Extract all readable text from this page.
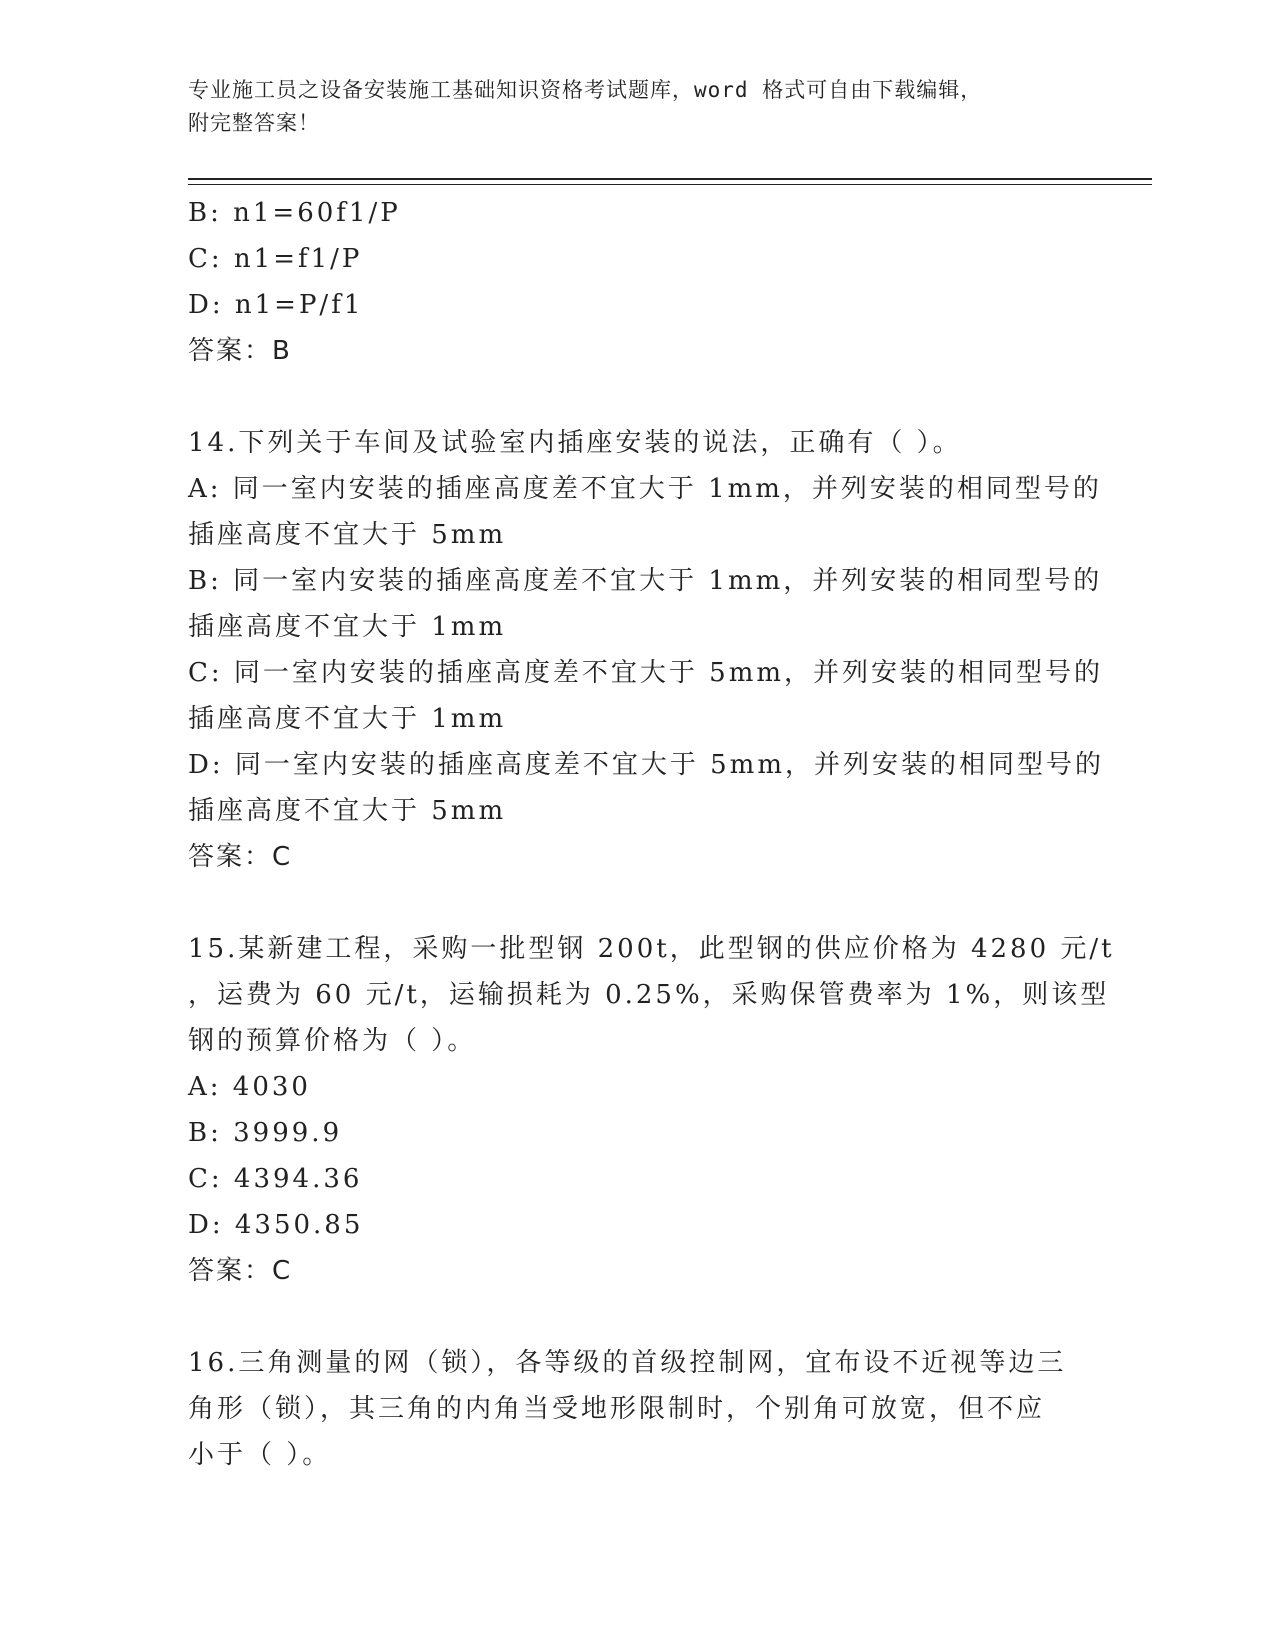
专业施工员之设备安装施工基础知识资格考试题库，word 格式可自由下载编辑，
附完整答案！
B: n1=60f1/P
C: n1=f1/P
D: n1=P/f1
答案：B
14.下列关于车间及试验室内插座安装的说法，正确有（ ）。
A: 同一室内安装的插座高度差不宜大于 1mm，并列安装的相同型号的
插座高度不宜大于 5mm
B: 同一室内安装的插座高度差不宜大于 1mm，并列安装的相同型号的
插座高度不宜大于 1mm
C: 同一室内安装的插座高度差不宜大于 5mm，并列安装的相同型号的
插座高度不宜大于 1mm
D: 同一室内安装的插座高度差不宜大于 5mm，并列安装的相同型号的
插座高度不宜大于 5mm
答案：C
15.某新建工程，采购一批型钢 200t，此型钢的供应价格为 4280 元/t
，运费为 60 元/t，运输损耗为 0.25%，采购保管费率为 1%，则该型
钢的预算价格为（ ）。
A: 4030
B: 3999.9
C: 4394.36
D: 4350.85
答案：C
16.三角测量的网（锁），各等级的首级控制网，宜布设不近视等边三
角形（锁），其三角的内角当受地形限制时，个别角可放宽，但不应
小于（ ）。
